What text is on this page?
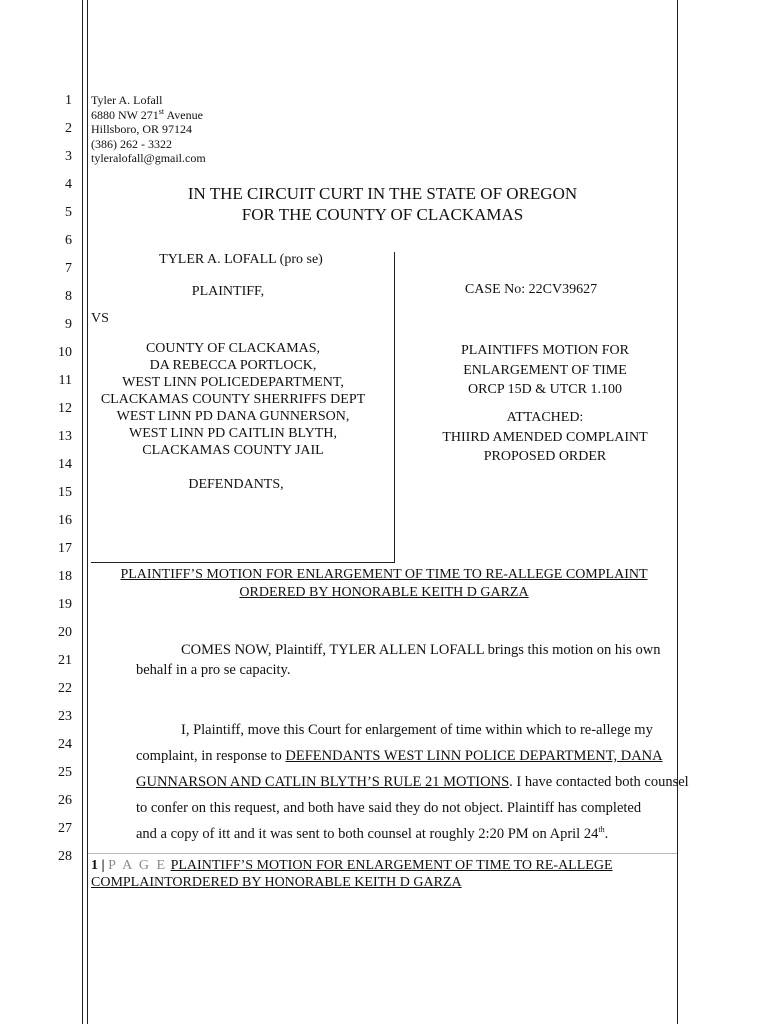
1
2
3
4
5
6
7
8
9
10
11
12
13
14
15
16
17
18
19
20
21
22
23
24
25
26
27
28
Tyler A. Lofall
6880 NW 271st Avenue
Hillsboro, OR 97124
(386) 262 - 3322
tyleralofall@gmail.com
IN THE CIRCUIT CURT IN THE STATE OF OREGON
FOR THE COUNTY OF CLACKAMAS
TYLER A. LOFALL (pro se)
PLAINTIFF,
VS
COUNTY OF CLACKAMAS,
DA REBECCA PORTLOCK,
WEST LINN POLICEDEPARTMENT,
CLACKAMAS COUNTY SHERRIFFS DEPT
WEST LINN PD DANA GUNNERSON,
WEST LINN PD CAITLIN BLYTH,
CLACKAMAS COUNTY JAIL
DEFENDANTS,
CASE No: 22CV39627
PLAINTIFFS MOTION FOR
ENLARGEMENT OF TIME
ORCP 15D & UTCR 1.100
ATTACHED:
THIIRD AMENDED COMPLAINT
PROPOSED ORDER
PLAINTIFF’S MOTION FOR ENLARGEMENT OF TIME TO RE-ALLEGE COMPLAINT
ORDERED BY HONORABLE KEITH D GARZA
COMES NOW, Plaintiff, TYLER ALLEN LOFALL brings this motion on his own
behalf in a pro se capacity.
I, Plaintiff, move this Court for enlargement of time within which to re-allege my
complaint, in response to DEFENDANTS WEST LINN POLICE DEPARTMENT, DANA
GUNNARSON AND CATLIN BLYTH’S RULE 21 MOTIONS. I have contacted both counsel
to confer on this request, and both have said they do not object. Plaintiff has completed
and a copy of itt and it was sent to both counsel at roughly 2:20 PM on April 24th.
1 | P A G E PLAINTIFF’S MOTION FOR ENLARGEMENT OF TIME TO RE-ALLEGE
COMPLAINTORDERED BY HONORABLE KEITH D GARZA
